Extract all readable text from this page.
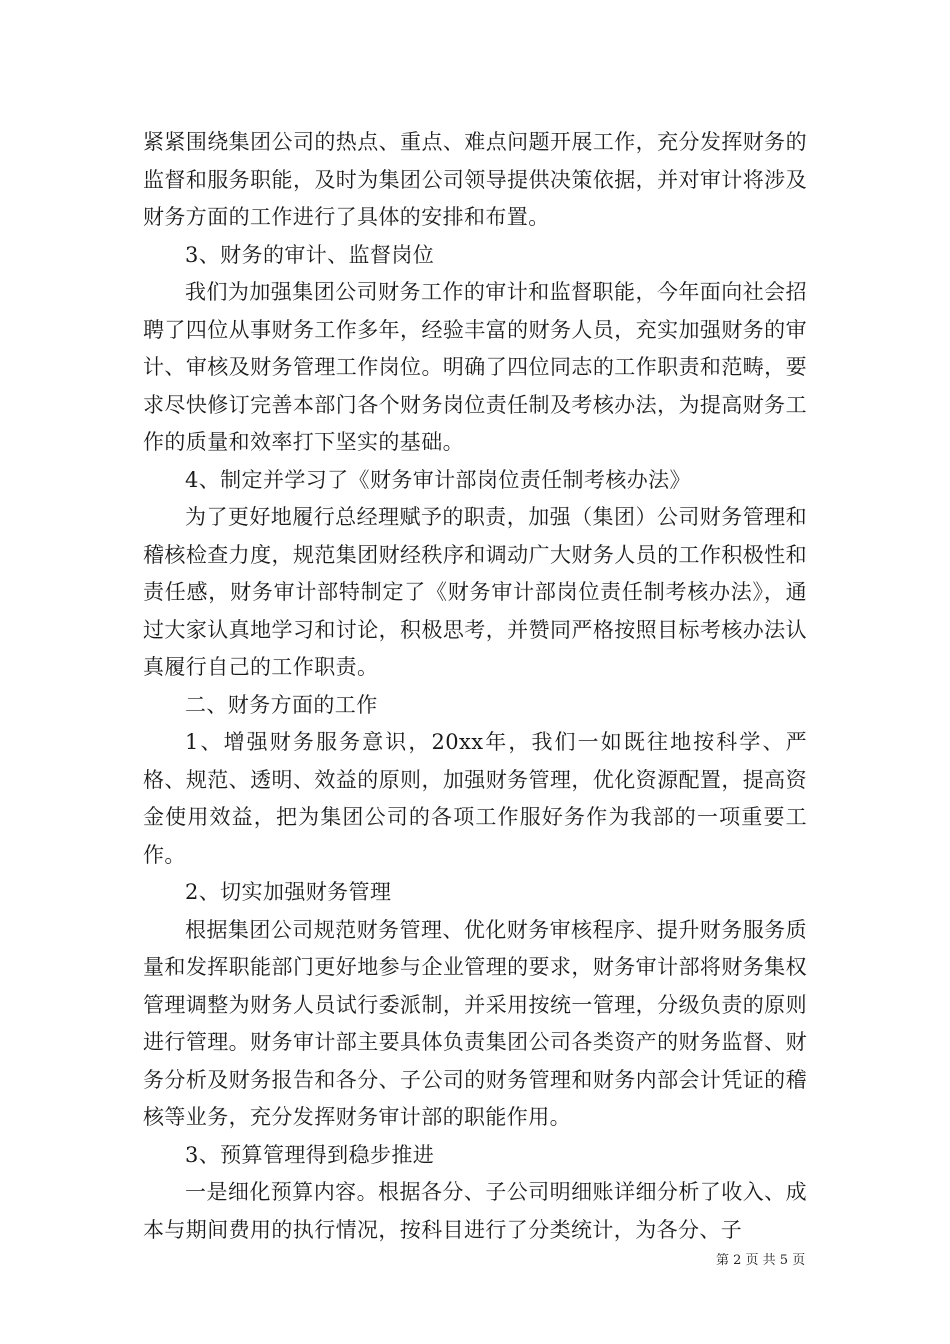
紧紧围绕集团公司的热点、重点、难点问题开展工作，充分发挥财务的监督和服务职能，及时为集团公司领导提供决策依据，并对审计将涉及财务方面的工作进行了具体的安排和布置。

3、财务的审计、监督岗位

我们为加强集团公司财务工作的审计和监督职能，今年面向社会招聘了四位从事财务工作多年，经验丰富的财务人员，充实加强财务的审计、审核及财务管理工作岗位。明确了四位同志的工作职责和范畴，要求尽快修订完善本部门各个财务岗位责任制及考核办法，为提高财务工作的质量和效率打下坚实的基础。

4、制定并学习了《财务审计部岗位责任制考核办法》

为了更好地履行总经理赋予的职责，加强（集团）公司财务管理和稽核检查力度，规范集团财经秩序和调动广大财务人员的工作积极性和责任感，财务审计部特制定了《财务审计部岗位责任制考核办法》，通过大家认真地学习和讨论，积极思考，并赞同严格按照目标考核办法认真履行自己的工作职责。

二、财务方面的工作

1、增强财务服务意识，20xx年，我们一如既往地按科学、严格、规范、透明、效益的原则，加强财务管理，优化资源配置，提高资金使用效益，把为集团公司的各项工作服好务作为我部的一项重要工作。

2、切实加强财务管理

根据集团公司规范财务管理、优化财务审核程序、提升财务服务质量和发挥职能部门更好地参与企业管理的要求，财务审计部将财务集权管理调整为财务人员试行委派制，并采用按统一管理，分级负责的原则进行管理。财务审计部主要具体负责集团公司各类资产的财务监督、财务分析及财务报告和各分、子公司的财务管理和财务内部会计凭证的稽核等业务，充分发挥财务审计部的职能作用。

3、预算管理得到稳步推进

一是细化预算内容。根据各分、子公司明细账详细分析了收入、成本与期间费用的执行情况，按科目进行了分类统计，为各分、子

第 2 页 共 5 页
